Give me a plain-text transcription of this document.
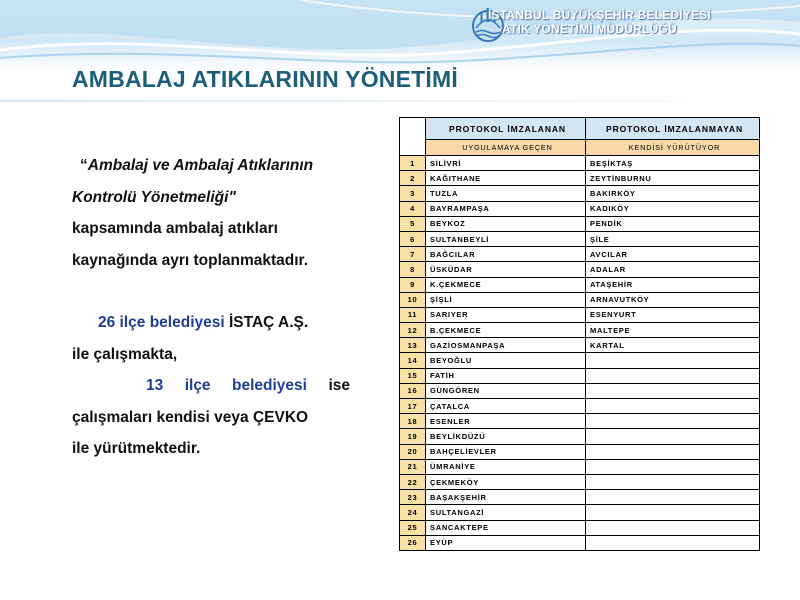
İSTANBUL BÜYÜKŞEHİR BELEDİYESİ
ATIK YÖNETİMİ MÜDÜRLÜĞÜ
AMBALAJ ATIKLARININ YÖNETİMİ

“Ambalaj ve Ambalaj Atıklarının

Kontrolü Yönetmeliği"

kapsamında ambalaj atıkları

kaynağında ayrı toplanmaktadır.

26 ilçe belediyesi İSTAÇ A.Ş.

ile çalışmakta,

13 ilçe belediyesi ise

çalışmaları kendisi veya ÇEVKO

ile yürütmektedir.

	PROTOKOL İMZALANAN	PROTOKOL İMZALANMAYAN
	UYGULAMAYA GEÇEN	KENDİSİ YÜRÜTÜYOR
1	SİLİVRİ	BEŞİKTAŞ
2	KAĞITHANE	ZEYTİNBURNU
3	TUZLA	BAKIRKÖY
4	BAYRAMPAŞA	KADIKÖY
5	BEYKOZ	PENDİK
6	SULTANBEYLİ	ŞİLE
7	BAĞCILAR	AVCILAR
8	ÜSKÜDAR	ADALAR
9	K.ÇEKMECE	ATAŞEHİR
10	ŞİŞLİ	ARNAVUTKÖY
11	SARIYER	ESENYURT
12	B.ÇEKMECE	MALTEPE
13	GAZİOSMANPAŞA	KARTAL
14	BEYOĞLU	
15	FATİH	
16	GÜNGÖREN	
17	ÇATALCA	
18	ESENLER	
19	BEYLİKDÜZÜ	
20	BAHÇELİEVLER	
21	ÜMRANİYE	
22	ÇEKMEKÖY	
23	BAŞAKŞEHİR	
24	SULTANGAZİ	
25	SANCAKTEPE	
26	EYÜP	
